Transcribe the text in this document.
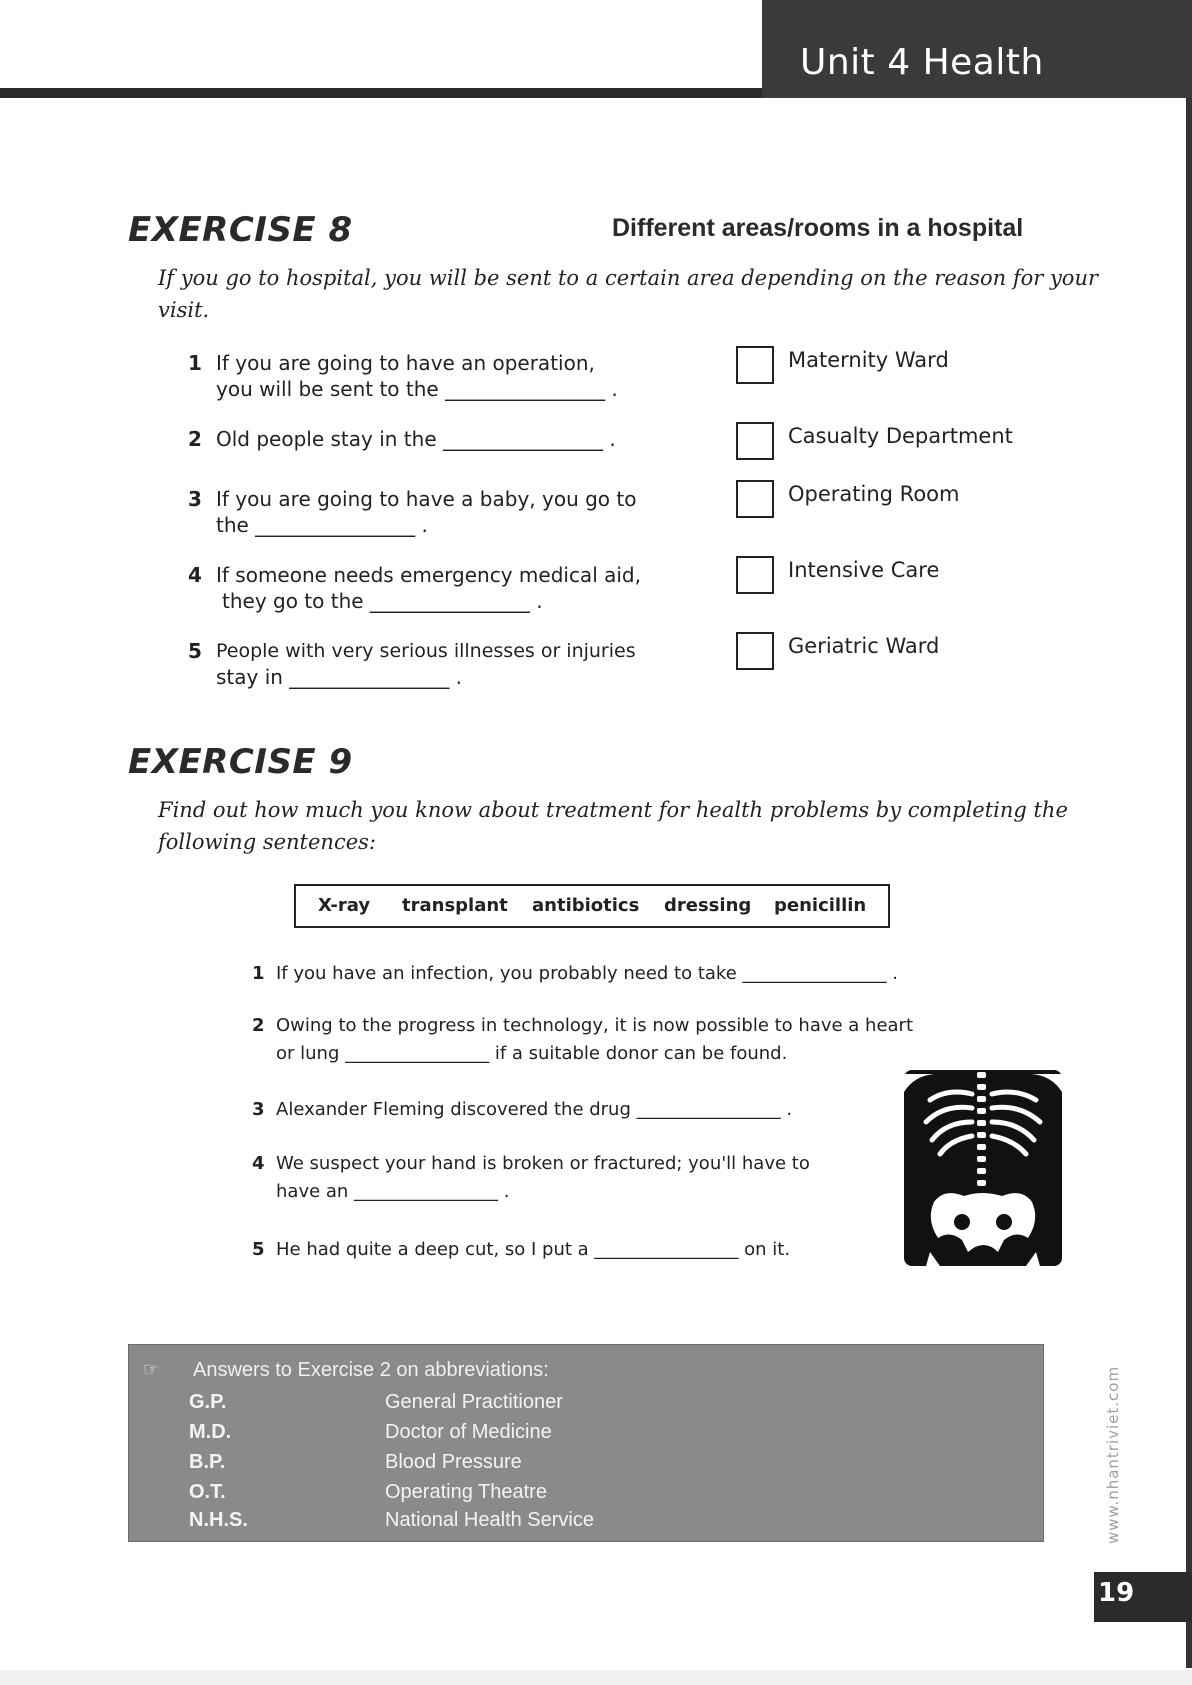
Unit 4 Health
EXERCISE 8	Different areas/rooms in a hospital
If you go to hospital, you will be sent to a certain area depending on the reason for your
visit.
1 If you are going to have an operation,
you will be sent to the ________________ .
2 Old people stay in the ________________ .
3 If you are going to have a baby, you go to
the ________________ .
4 If someone needs emergency medical aid,
they go to the ________________ .
5 People with very serious illnesses or injuries
stay in ________________ .
Maternity Ward
Casualty Department
Operating Room
Intensive Care
Geriatric Ward
EXERCISE 9
Find out how much you know about treatment for health problems by completing the
following sentences:
X-ray transplant antibiotics dressing penicillin
1 If you have an infection, you probably need to take ________________ .
2 Owing to the progress in technology, it is now possible to have a heart
or lung ________________ if a suitable donor can be found.
3 Alexander Fleming discovered the drug ________________ .
4 We suspect your hand is broken or fractured; you'll have to
have an ________________ .
5 He had quite a deep cut, so I put a ________________ on it.
☞ Answers to Exercise 2 on abbreviations:
G.P.	General Practitioner
M.D.	Doctor of Medicine
B.P.	Blood Pressure
O.T.	Operating Theatre
N.H.S.	National Health Service	www.nhantriviet.com
19
